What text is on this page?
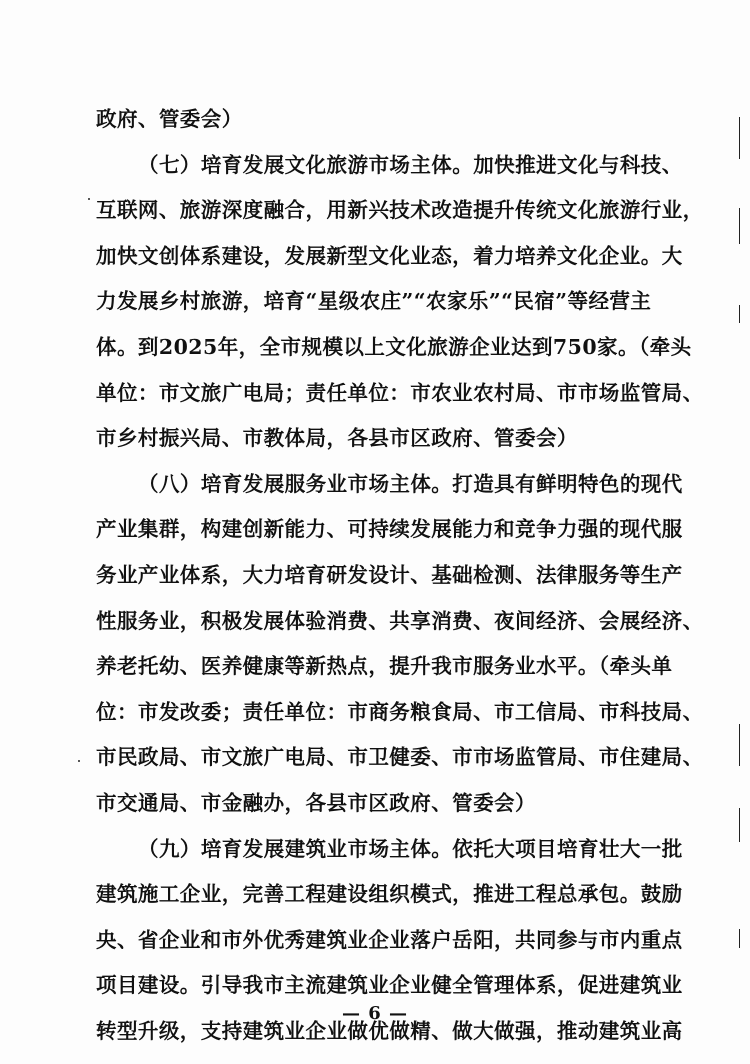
政府、管委会）
（七）培育发展文化旅游市场主体。加快推进文化与科技、
互联网、旅游深度融合，用新兴技术改造提升传统文化旅游行业，
加快文创体系建设，发展新型文化业态，着力培养文化企业。大
力发展乡村旅游，培育“星级农庄”“农家乐”“民宿”等经营主
体。到2025年，全市规模以上文化旅游企业达到750家。（牵头
单位：市文旅广电局；责任单位：市农业农村局、市市场监管局、
市乡村振兴局、市教体局，各县市区政府、管委会）
（八）培育发展服务业市场主体。打造具有鲜明特色的现代
产业集群，构建创新能力、可持续发展能力和竞争力强的现代服
务业产业体系，大力培育研发设计、基础检测、法律服务等生产
性服务业，积极发展体验消费、共享消费、夜间经济、会展经济、
养老托幼、医养健康等新热点，提升我市服务业水平。（牵头单
位：市发改委；责任单位：市商务粮食局、市工信局、市科技局、
市民政局、市文旅广电局、市卫健委、市市场监管局、市住建局、
市交通局、市金融办，各县市区政府、管委会）
（九）培育发展建筑业市场主体。依托大项目培育壮大一批
建筑施工企业，完善工程建设组织模式，推进工程总承包。鼓励
央、省企业和市外优秀建筑业企业落户岳阳，共同参与市内重点
项目建设。引导我市主流建筑业企业健全管理体系，促进建筑业
转型升级，支持建筑业企业做优做精、做大做强，推动建筑业高
— 6 —
